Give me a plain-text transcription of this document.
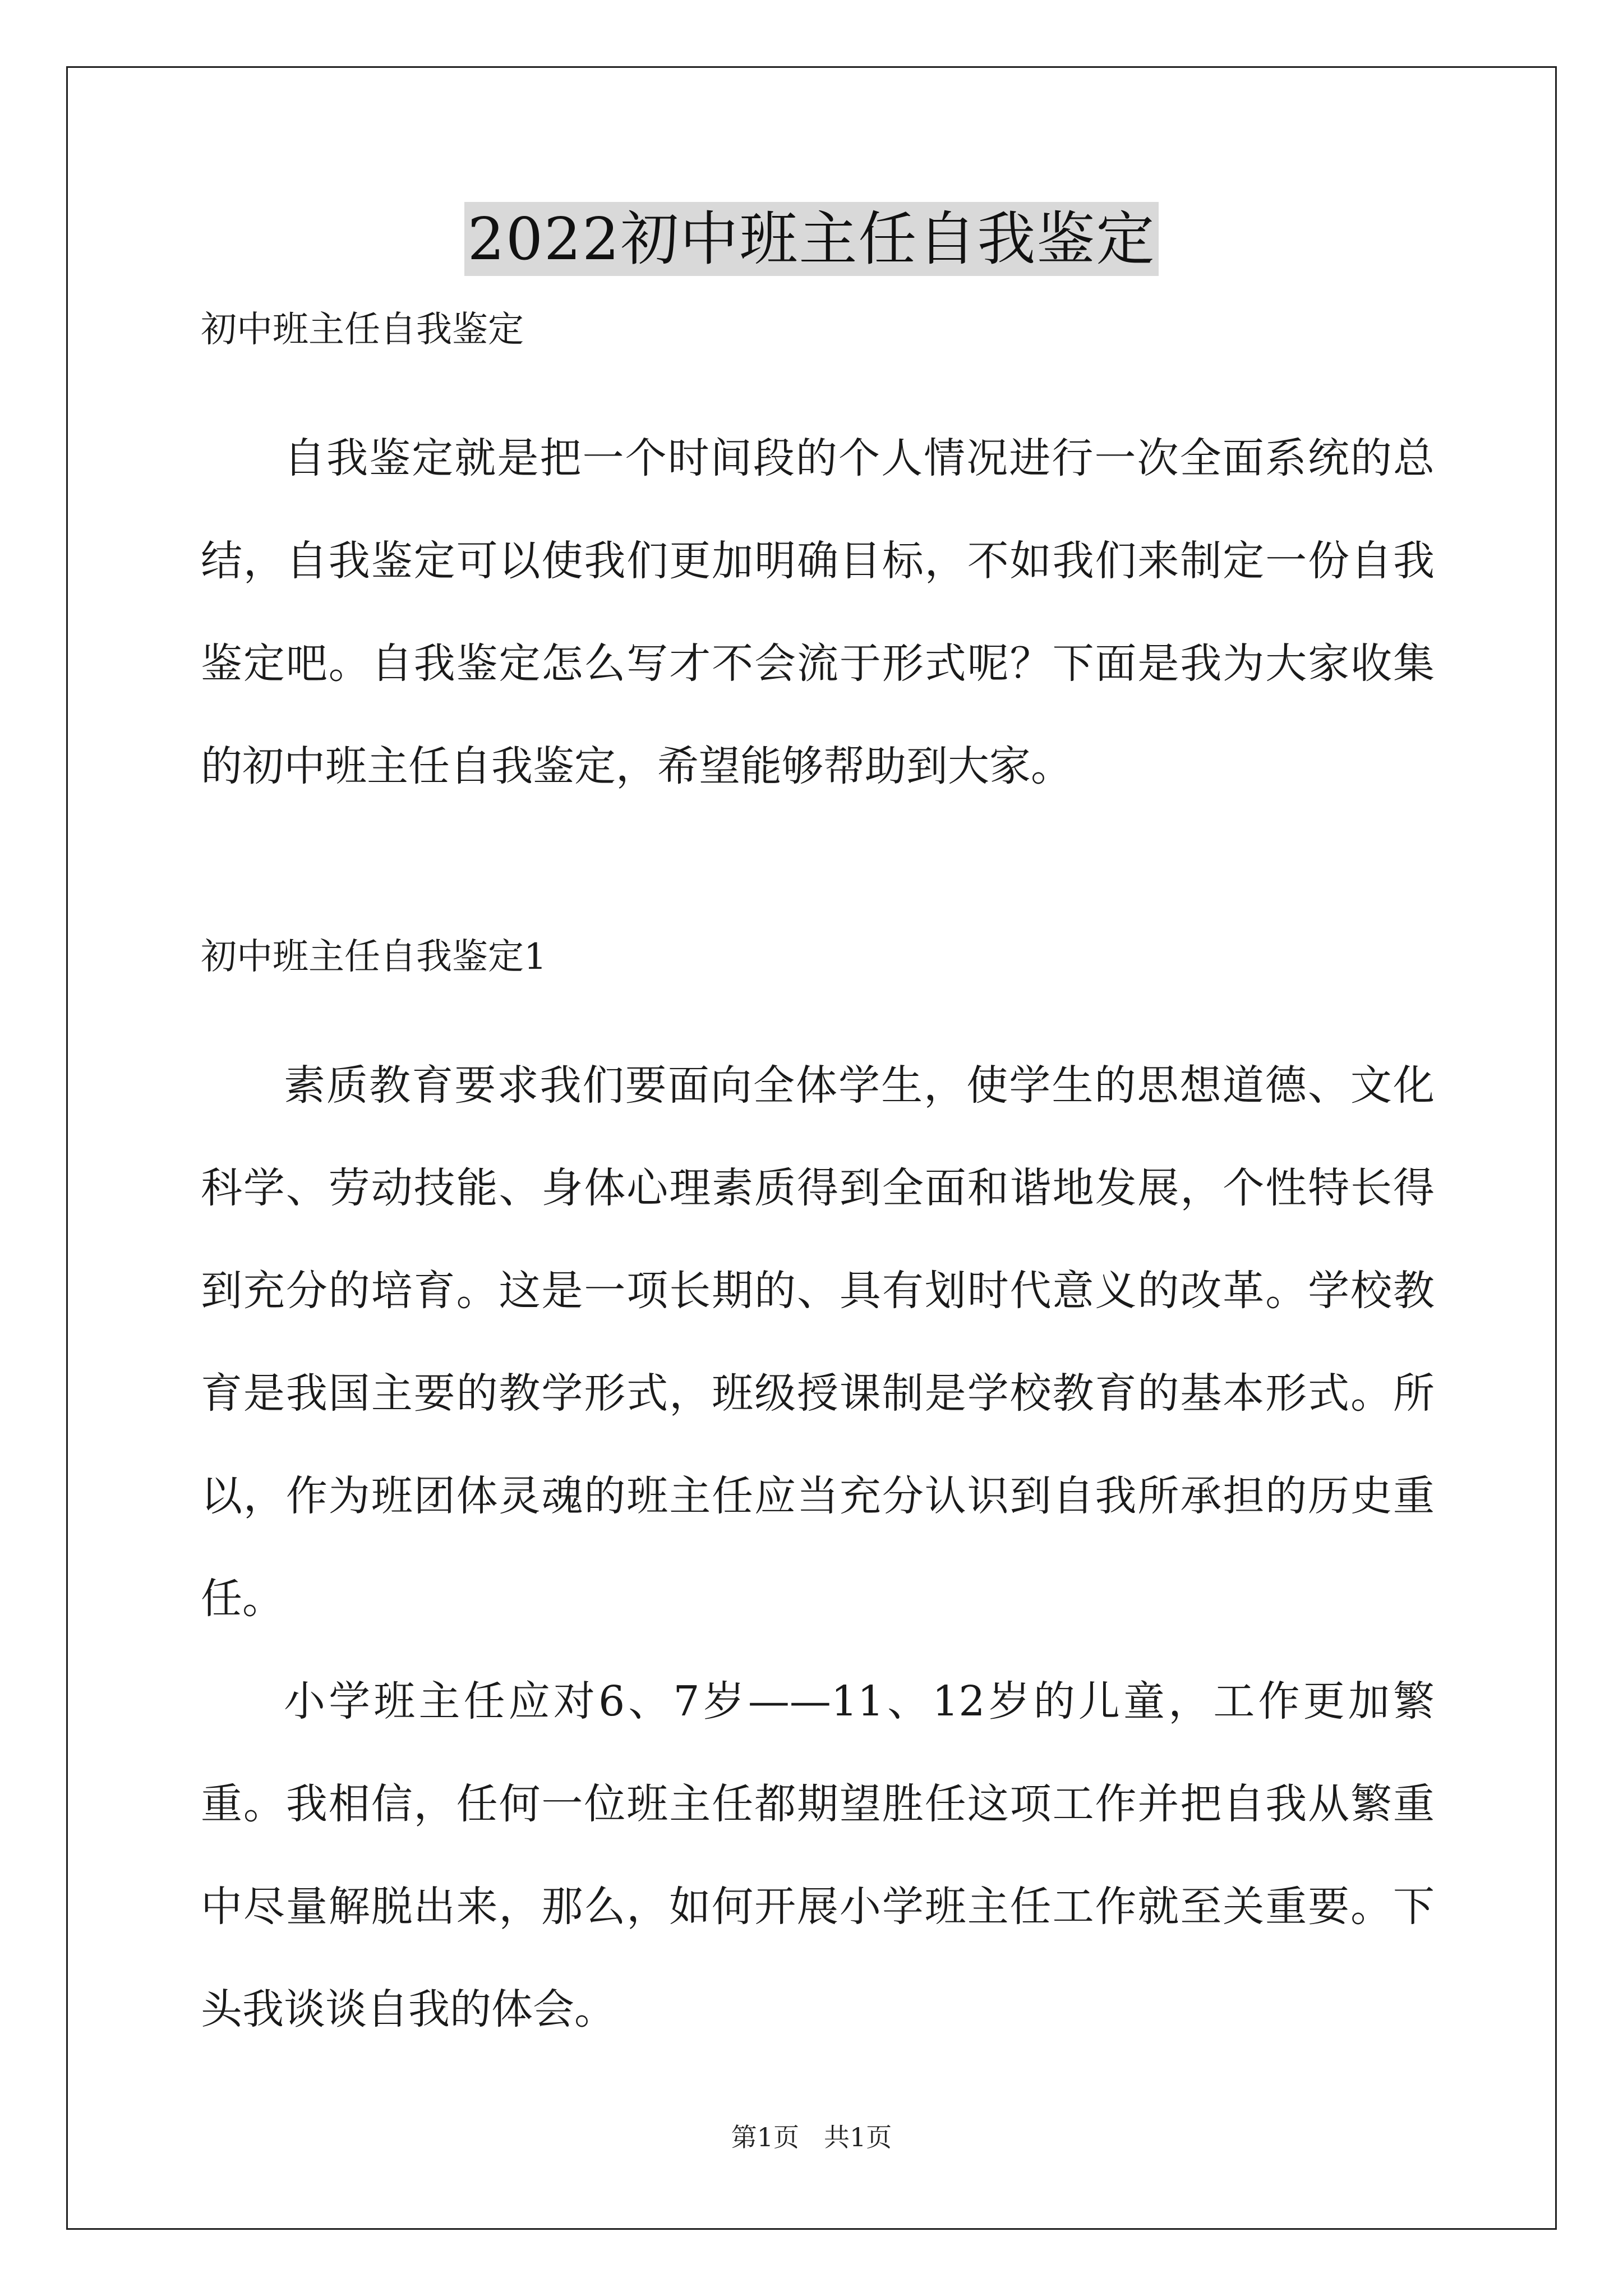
2022初中班主任自我鉴定

初中班主任自我鉴定

自我鉴定就是把一个时间段的个人情况进行一次全面系统的总结，自我鉴定可以使我们更加明确目标，不如我们来制定一份自我鉴定吧。自我鉴定怎么写才不会流于形式呢？下面是我为大家收集的初中班主任自我鉴定，希望能够帮助到大家。

初中班主任自我鉴定1

素质教育要求我们要面向全体学生，使学生的思想道德、文化科学、劳动技能、身体心理素质得到全面和谐地发展，个性特长得到充分的培育。这是一项长期的、具有划时代意义的改革。学校教育是我国主要的教学形式，班级授课制是学校教育的基本形式。所以，作为班团体灵魂的班主任应当充分认识到自我所承担的历史重任。

小学班主任应对6、7岁——11、12岁的儿童，工作更加繁重。我相信，任何一位班主任都期望胜任这项工作并把自我从繁重中尽量解脱出来，那么，如何开展小学班主任工作就至关重要。下头我谈谈自我的体会。

第1页 共1页
